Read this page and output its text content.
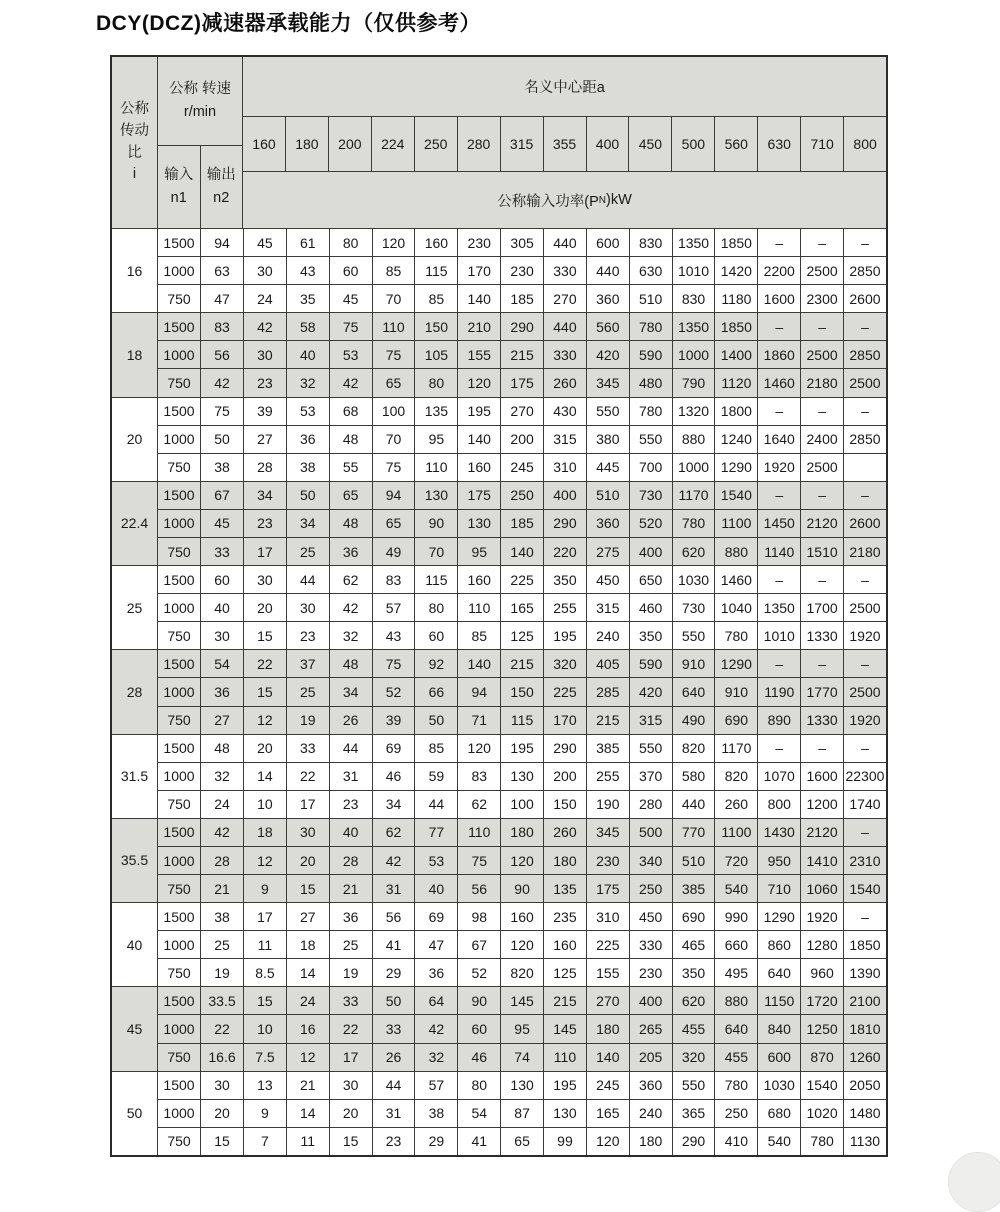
DCY(DCZ)减速器承载能力（仅供参考）
公称
传动
比
i
公称 转速
r/min
输入
n1
输出
n2
名义中心距a
160	180	200	224	250	280	315	355	400	450	500	560	630	710	800
公称输入功率(P N )kW
16
1500	94	45	61	80	120	160	230	305	440	600	830	1350 1850	–	–	–
1000	63	30	43	60	85	115	170	230	330	440	630	1010 1420 2200 2500 2850
750	47	24	35	45	70	85	140	185	270	360	510	830	1180 1600 2300 2600
18
1500	83	42	58	75	110	150	210	290	440	560	780	1350 1850	–	–	–
1000	56	30	40	53	75	105	155	215	330	420	590	1000 1400 1860 2500 2850
750	42	23	32	42	65	80	120	175	260	345	480	790	1120 1460 2180 2500
20
1500	75	39	53	68	100	135	195	270	430	550	780	1320 1800	–	–	–
1000	50	27	36	48	70	95	140	200	315	380	550	880	1240 1640 2400 2850
750	38	28	38	55	75	110	160	245	310	445	700	1000 1290 1920 2500
22.4
1500	67	34	50	65	94	130	175	250	400	510	730	1170 1540	–	–	–
1000	45	23	34	48	65	90	130	185	290	360	520	780	1100 1450 2120 2600
750	33	17	25	36	49	70	95	140	220	275	400	620	880	1140 1510 2180
25
1500	60	30	44	62	83	115	160	225	350	450	650	1030 1460	–	–	–
1000	40	20	30	42	57	80	110	165	255	315	460	730	1040 1350 1700 2500
750	30	15	23	32	43	60	85	125	195	240	350	550	780	1010 1330 1920
28
1500	54	22	37	48	75	92	140	215	320	405	590	910	1290	–	–	–
1000	36	15	25	34	52	66	94	150	225	285	420	640	910	1190 1770 2500
750	27	12	19	26	39	50	71	115	170	215	315	490	690	890	1330 1920
31.5
1500	48	20	33	44	69	85	120	195	290	385	550	820	1170	–	–	–
1000	32	14	22	31	46	59	83	130	200	255	370	580	820	1070 1600 22300
750	24	10	17	23	34	44	62	100	150	190	280	440	260	800	1200 1740
35.5
1500	42	18	30	40	62	77	110	180	260	345	500	770	1100 1430 2120	–
1000	28	12	20	28	42	53	75	120	180	230	340	510	720	950	1410 2310
750	21	9	15	21	31	40	56	90	135	175	250	385	540	710	1060 1540
40
1500	38	17	27	36	56	69	98	160	235	310	450	690	990	1290 1920	–
1000	25	11	18	25	41	47	67	120	160	225	330	465	660	860	1280 1850
750	19	8.5	14	19	29	36	52	820	125	155	230	350	495	640	960	1390
45
1500 33.5	15	24	33	50	64	90	145	215	270	400	620	880	1150 1720 2100
1000	22	10	16	22	33	42	60	95	145	180	265	455	640	840	1250 1810
750	16.6	7.5	12	17	26	32	46	74	110	140	205	320	455	600	870	1260
50
1500	30	13	21	30	44	57	80	130	195	245	360	550	780	1030 1540 2050
1000	20	9	14	20	31	38	54	87	130	165	240	365	250	680	1020 1480
750	15	7	11	15	23	29	41	65	99	120	180	290	410	540	780	1130
